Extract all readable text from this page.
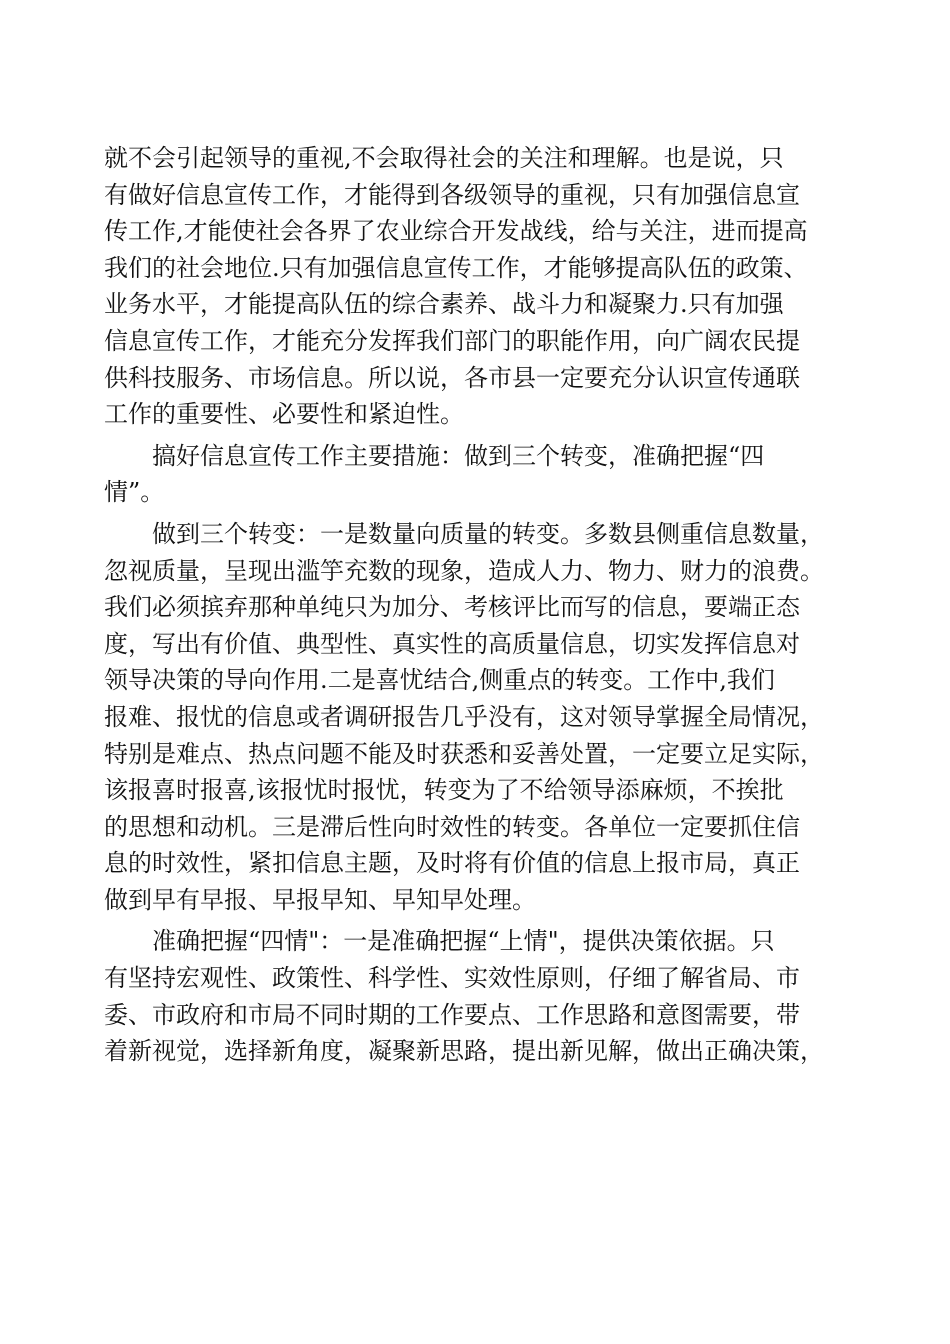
就不会引起领导的重视,不会取得社会的关注和理解。也是说，只
有做好信息宣传工作，才能得到各级领导的重视，只有加强信息宣
传工作,才能使社会各界了农业综合开发战线，给与关注，进而提高
我们的社会地位.只有加强信息宣传工作，才能够提高队伍的政策、
业务水平，才能提高队伍的综合素养、战斗力和凝聚力.只有加强
信息宣传工作，才能充分发挥我们部门的职能作用，向广阔农民提
供科技服务、市场信息。所以说，各市县一定要充分认识宣传通联
工作的重要性、必要性和紧迫性。
搞好信息宣传工作主要措施：做到三个转变，准确把握“四
情”。
做到三个转变：一是数量向质量的转变。多数县侧重信息数量，
忽视质量，呈现出滥竽充数的现象，造成人力、物力、财力的浪费。
我们必须摈弃那种单纯只为加分、考核评比而写的信息，要端正态
度，写出有价值、典型性、真实性的高质量信息，切实发挥信息对
领导决策的导向作用.二是喜忧结合,侧重点的转变。工作中,我们
报难、报忧的信息或者调研报告几乎没有，这对领导掌握全局情况，
特别是难点、热点问题不能及时获悉和妥善处置，一定要立足实际，
该报喜时报喜,该报忧时报忧，转变为了不给领导添麻烦，不挨批
的思想和动机。三是滞后性向时效性的转变。各单位一定要抓住信
息的时效性，紧扣信息主题，及时将有价值的信息上报市局，真正
做到早有早报、早报早知、早知早处理。
准确把握“四情"：一是准确把握“上情"，提供决策依据。只
有坚持宏观性、政策性、科学性、实效性原则，仔细了解省局、市
委、市政府和市局不同时期的工作要点、工作思路和意图需要，带
着新视觉，选择新角度，凝聚新思路，提出新见解，做出正确决策，
